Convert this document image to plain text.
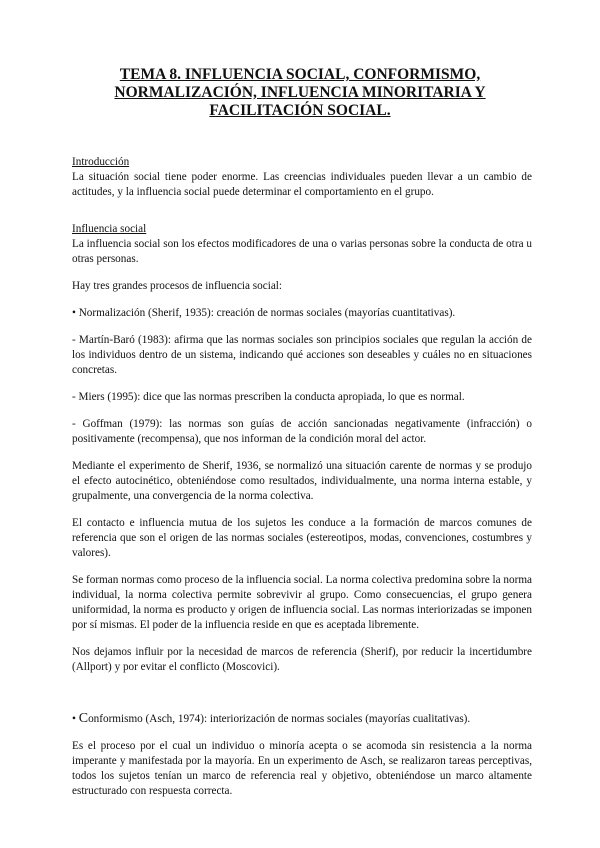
TEMA 8. INFLUENCIA SOCIAL, CONFORMISMO,
NORMALIZACIÓN, INFLUENCIA MINORITARIA Y
FACILITACIÓN SOCIAL.
Introducción

La situación social tiene poder enorme. Las creencias individuales pueden llevar a un cambio de actitudes, y la influencia social puede determinar el comportamiento en el grupo.

Influencia social

La influencia social son los efectos modificadores de una o varias personas sobre la conducta de otra u otras personas.

Hay tres grandes procesos de influencia social:

• Normalización (Sherif, 1935): creación de normas sociales (mayorías cuantitativas).

- Martín-Baró (1983): afirma que las normas sociales son principios sociales que regulan la acción de los individuos dentro de un sistema, indicando qué acciones son deseables y cuáles no en situaciones concretas.

- Miers (1995): dice que las normas prescriben la conducta apropiada, lo que es normal.

- Goffman (1979): las normas son guías de acción sancionadas negativamente (infracción) o positivamente (recompensa), que nos informan de la condición moral del actor.

Mediante el experimento de Sherif, 1936, se normalizó una situación carente de normas y se produjo el efecto autocinético, obteniéndose como resultados, individualmente, una norma interna estable, y grupalmente, una convergencia de la norma colectiva.

El contacto e influencia mutua de los sujetos les conduce a la formación de marcos comunes de referencia que son el origen de las normas sociales (estereotipos, modas, convenciones, costumbres y valores).

Se forman normas como proceso de la influencia social. La norma colectiva predomina sobre la norma individual, la norma colectiva permite sobrevivir al grupo. Como consecuencias, el grupo genera uniformidad, la norma es producto y origen de influencia social. Las normas interiorizadas se imponen por sí mismas. El poder de la influencia reside en que es aceptada libremente.

Nos dejamos influir por la necesidad de marcos de referencia (Sherif), por reducir la incertidumbre (Allport) y por evitar el conflicto (Moscovici).

• Conformismo (Asch, 1974): interiorización de normas sociales (mayorías cualitativas).

Es el proceso por el cual un individuo o minoría acepta o se acomoda sin resistencia a la norma imperante y manifestada por la mayoría. En un experimento de Asch, se realizaron tareas perceptivas, todos los sujetos tenían un marco de referencia real y objetivo, obteniéndose un marco altamente estructurado con respuesta correcta.
